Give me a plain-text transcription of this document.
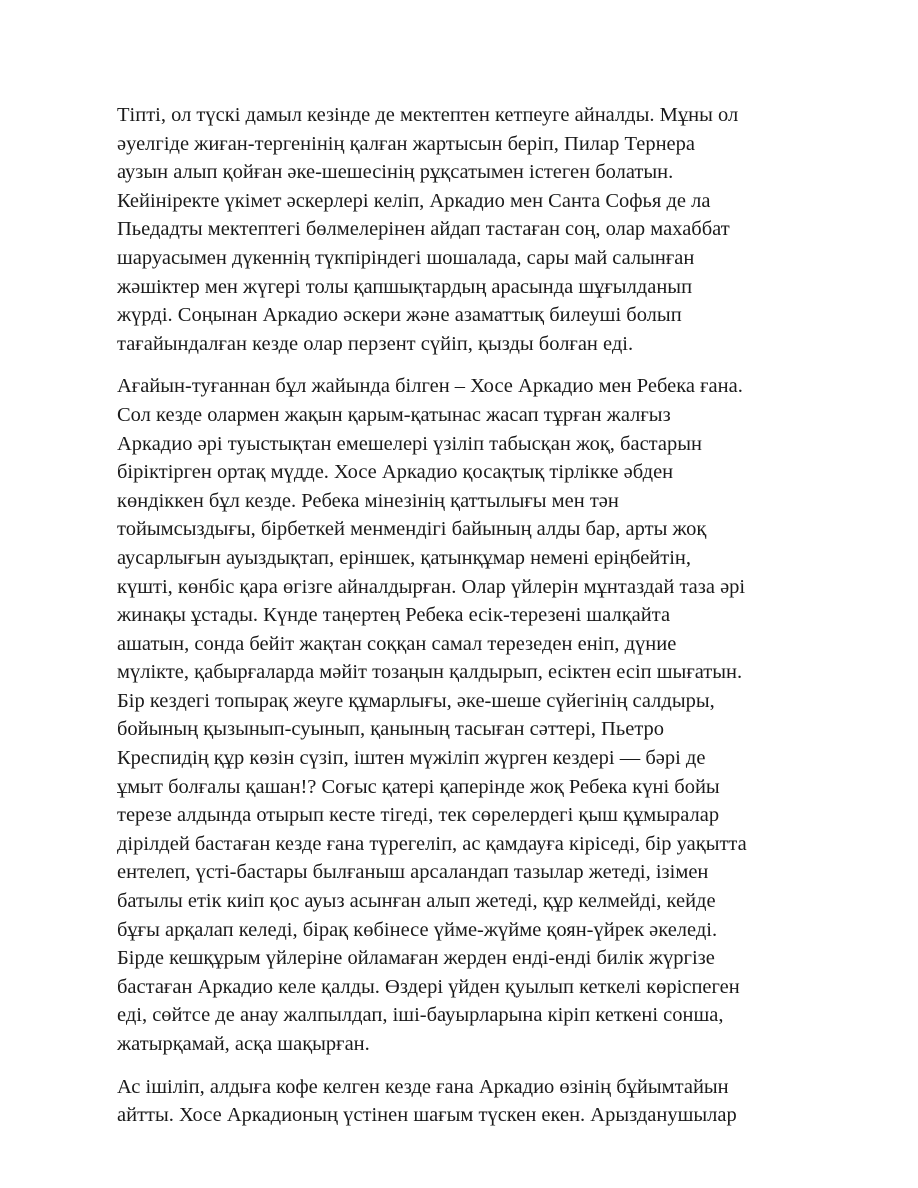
Тіпті, ол түскі дамыл кезінде де мектептен кетпеуге айналды. Мұны ол
әуелгіде жиған-тергенінің қалған жартысын беріп, Пилар Тернера
аузын алып қойған әке-шешесінің рұқсатымен істеген болатын.
Кейініректе үкімет әскерлері келіп, Аркадио мен Санта Софья де ла
Пьедадты мектептегі бөлмелерінен айдап тастаған соң, олар махаббат
шаруасымен дүкеннің түкпіріндегі шошалада, сары май салынған
жәшіктер мен жүгері толы қапшықтардың арасында шұғылданып
жүрді. Соңынан Аркадио әскери және азаматтық билеуші болып
тағайындалған кезде олар перзент сүйіп, қызды болған еді.

Ағайын-туғаннан бұл жайында білген – Хосе Аркадио мен Ребека ғана.
Сол кезде олармен жақын қарым-қатынас жасап тұрған жалғыз
Аркадио әрі туыстықтан емешелері үзіліп табысқан жоқ, бастарын
біріктірген ортақ мүдде. Хосе Аркадио қосақтық тірлікке әбден
көндіккен бұл кезде. Ребека мінезінің қаттылығы мен тән
тойымсыздығы, бірбеткей менмендігі байының алды бар, арты жоқ
аусарлығын ауыздықтап, еріншек, қатынқұмар немені еріңбейтін,
күшті, көнбіс қара өгізге айналдырған. Олар үйлерін мұнтаздай таза әрі
жинақы ұстады. Күнде таңертең Ребека есік-терезені шалқайта
ашатын, сонда бейіт жақтан соққан самал терезеден еніп, дүние
мүлікте, қабырғаларда мәйіт тозаңын қалдырып, есіктен есіп шығатын.
Бір кездегі топырақ жеуге құмарлығы, әке-шеше сүйегінің салдыры,
бойының қызынып-суынып, қанының тасыған сәттері, Пьетро
Креспидің құр көзін сүзіп, іштен мүжіліп жүрген кездері — бәрі де
ұмыт болғалы қашан!? Соғыс қатері қаперінде жоқ Ребека күні бойы
терезе алдында отырып кесте тігеді, тек сөрелердегі қыш құмыралар
дірілдей бастаған кезде ғана түрегеліп, ас қамдауға кіріседі, бір уақытта
ентелеп, үсті-бастары былғаныш арсаландап тазылар жетеді, ізімен
батылы етік киіп қос ауыз асынған алып жетеді, құр келмейді, кейде
бұғы арқалап келеді, бірақ көбінесе үйме-жүйме қоян-үйрек әкеледі.
Бірде кешқұрым үйлеріне ойламаған жерден енді-енді билік жүргізе
бастаған Аркадио келе қалды. Өздері үйден қуылып кеткелі көріспеген
еді, сөйтсе де анау жалпылдап, іші-бауырларына кіріп кеткені сонша,
жатырқамай, асқа шақырған.

Ас ішіліп, алдыға кофе келген кезде ғана Аркадио өзінің бұйымтайын
айтты. Хосе Аркадионың үстінен шағым түскен екен. Арызданушылар
